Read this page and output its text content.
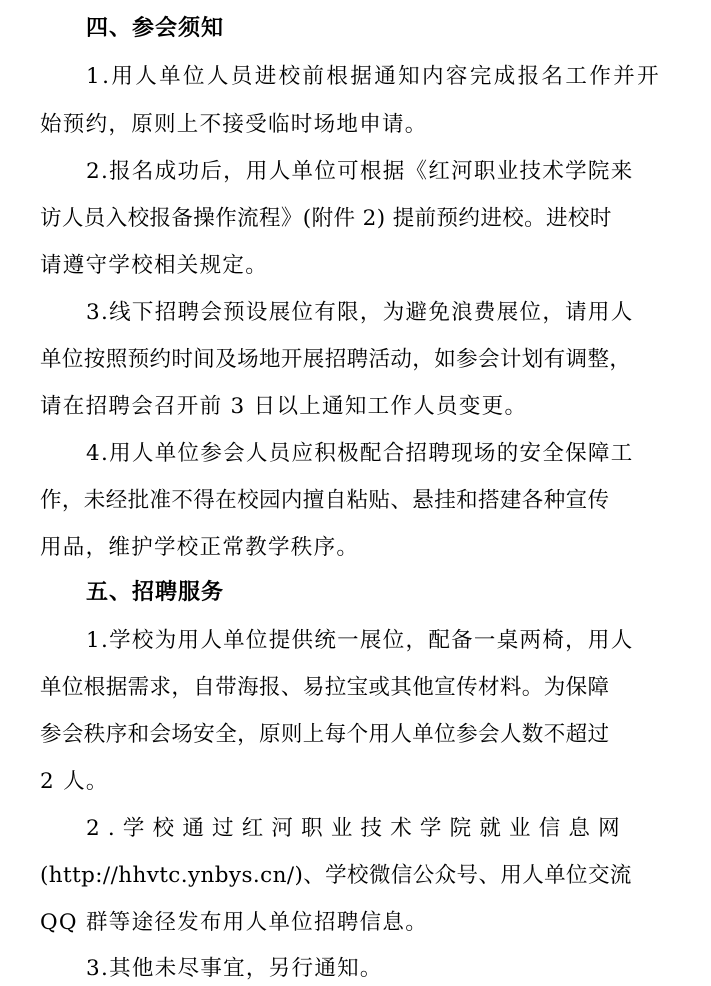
四、参会须知
1.用人单位人员进校前根据通知内容完成报名工作并开
始预约，原则上不接受临时场地申请。
2.报名成功后，用人单位可根据《红河职业技术学院来
访人员入校报备操作流程》(附件 2) 提前预约进校。进校时
请遵守学校相关规定。
3.线下招聘会预设展位有限，为避免浪费展位，请用人
单位按照预约时间及场地开展招聘活动，如参会计划有调整，
请在招聘会召开前 3 日以上通知工作人员变更。
4.用人单位参会人员应积极配合招聘现场的安全保障工
作，未经批准不得在校园内擅自粘贴、悬挂和搭建各种宣传
用品，维护学校正常教学秩序。
五、招聘服务
1.学校为用人单位提供统一展位，配备一桌两椅，用人
单位根据需求，自带海报、易拉宝或其他宣传材料。为保障
参会秩序和会场安全，原则上每个用人单位参会人数不超过
2 人。
2.学校通过红河职业技术学院就业信息网
(http://hhvtc.ynbys.cn/)、学校微信公众号、用人单位交流
QQ 群等途径发布用人单位招聘信息。
3.其他未尽事宜，另行通知。
